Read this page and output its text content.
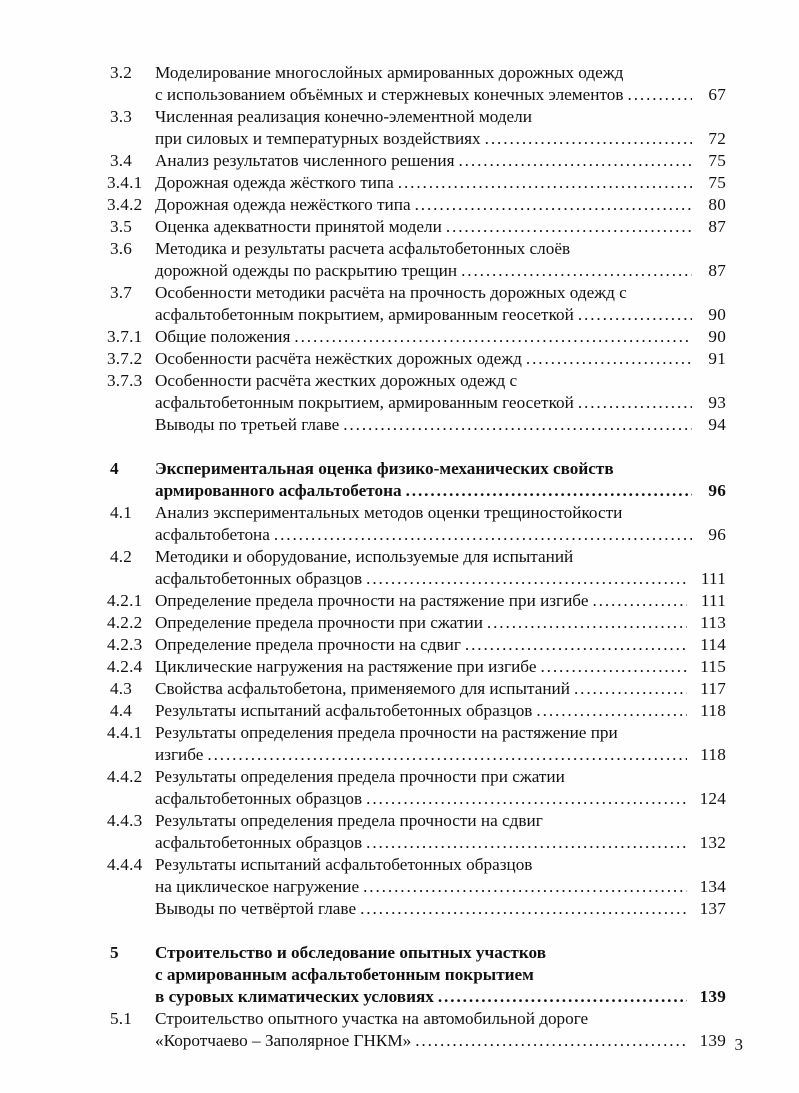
3.2	Моделирование многослойных армированных дорожных одежд
с использованием объёмных и стержневых конечных элементов .....	67
3.3	Численная реализация конечно-элементной модели
при силовых и температурных воздействиях .....	72
3.4	Анализ результатов численного решения .....	75
3.4.1 Дорожная одежда жёсткого типа .....	75
3.4.2 Дорожная одежда нежёсткого типа .....	80
3.5	Оценка адекватности принятой модели .....	87
3.6	Методика и результаты расчета асфальтобетонных слоёв
дорожной одежды по раскрытию трещин .....	87
3.7	Особенности методики расчёта на прочность дорожных одежд с
асфальтобетонным покрытием, армированным геосеткой .....	90
3.7.1 Общие положения .....	90
3.7.2 Особенности расчёта нежёстких дорожных одежд .....	91
3.7.3 Особенности расчёта жестких дорожных одежд с
асфальтобетонным покрытием, армированным геосеткой .....	93
Выводы по третьей главе .....	94
4	Экспериментальная оценка физико-механических свойств
армированного асфальтобетона .....	96
4.1	Анализ экспериментальных методов оценки трещиностойкости
асфальтобетона .....	96
4.2	Методики и оборудование, используемые для испытаний
асфальтобетонных образцов .....	111
4.2.1 Определение предела прочности на растяжение при изгибе .....	111
4.2.2 Определение предела прочности при сжатии .....	113
4.2.3 Определение предела прочности на сдвиг .....	114
4.2.4 Циклические нагружения на растяжение при изгибе .....	115
4.3	Свойства асфальтобетона, применяемого для испытаний .....	117
4.4	Результаты испытаний асфальтобетонных образцов .....	118
4.4.1 Результаты определения предела прочности на растяжение при
изгибе .....	118
4.4.2 Результаты определения предела прочности при сжатии
асфальтобетонных образцов .....	124
4.4.3 Результаты определения предела прочности на сдвиг
асфальтобетонных образцов .....	132
4.4.4 Результаты испытаний асфальтобетонных образцов
на циклическое нагружение .....	134
Выводы по четвёртой главе .....	137
5	Строительство и обследование опытных участков
с армированным асфальтобетонным покрытием
в суровых климатических условиях .....	139
5.1	Строительство опытного участка на автомобильной дороге
«Коротчаево – Заполярное ГНКМ» .....	139 3
